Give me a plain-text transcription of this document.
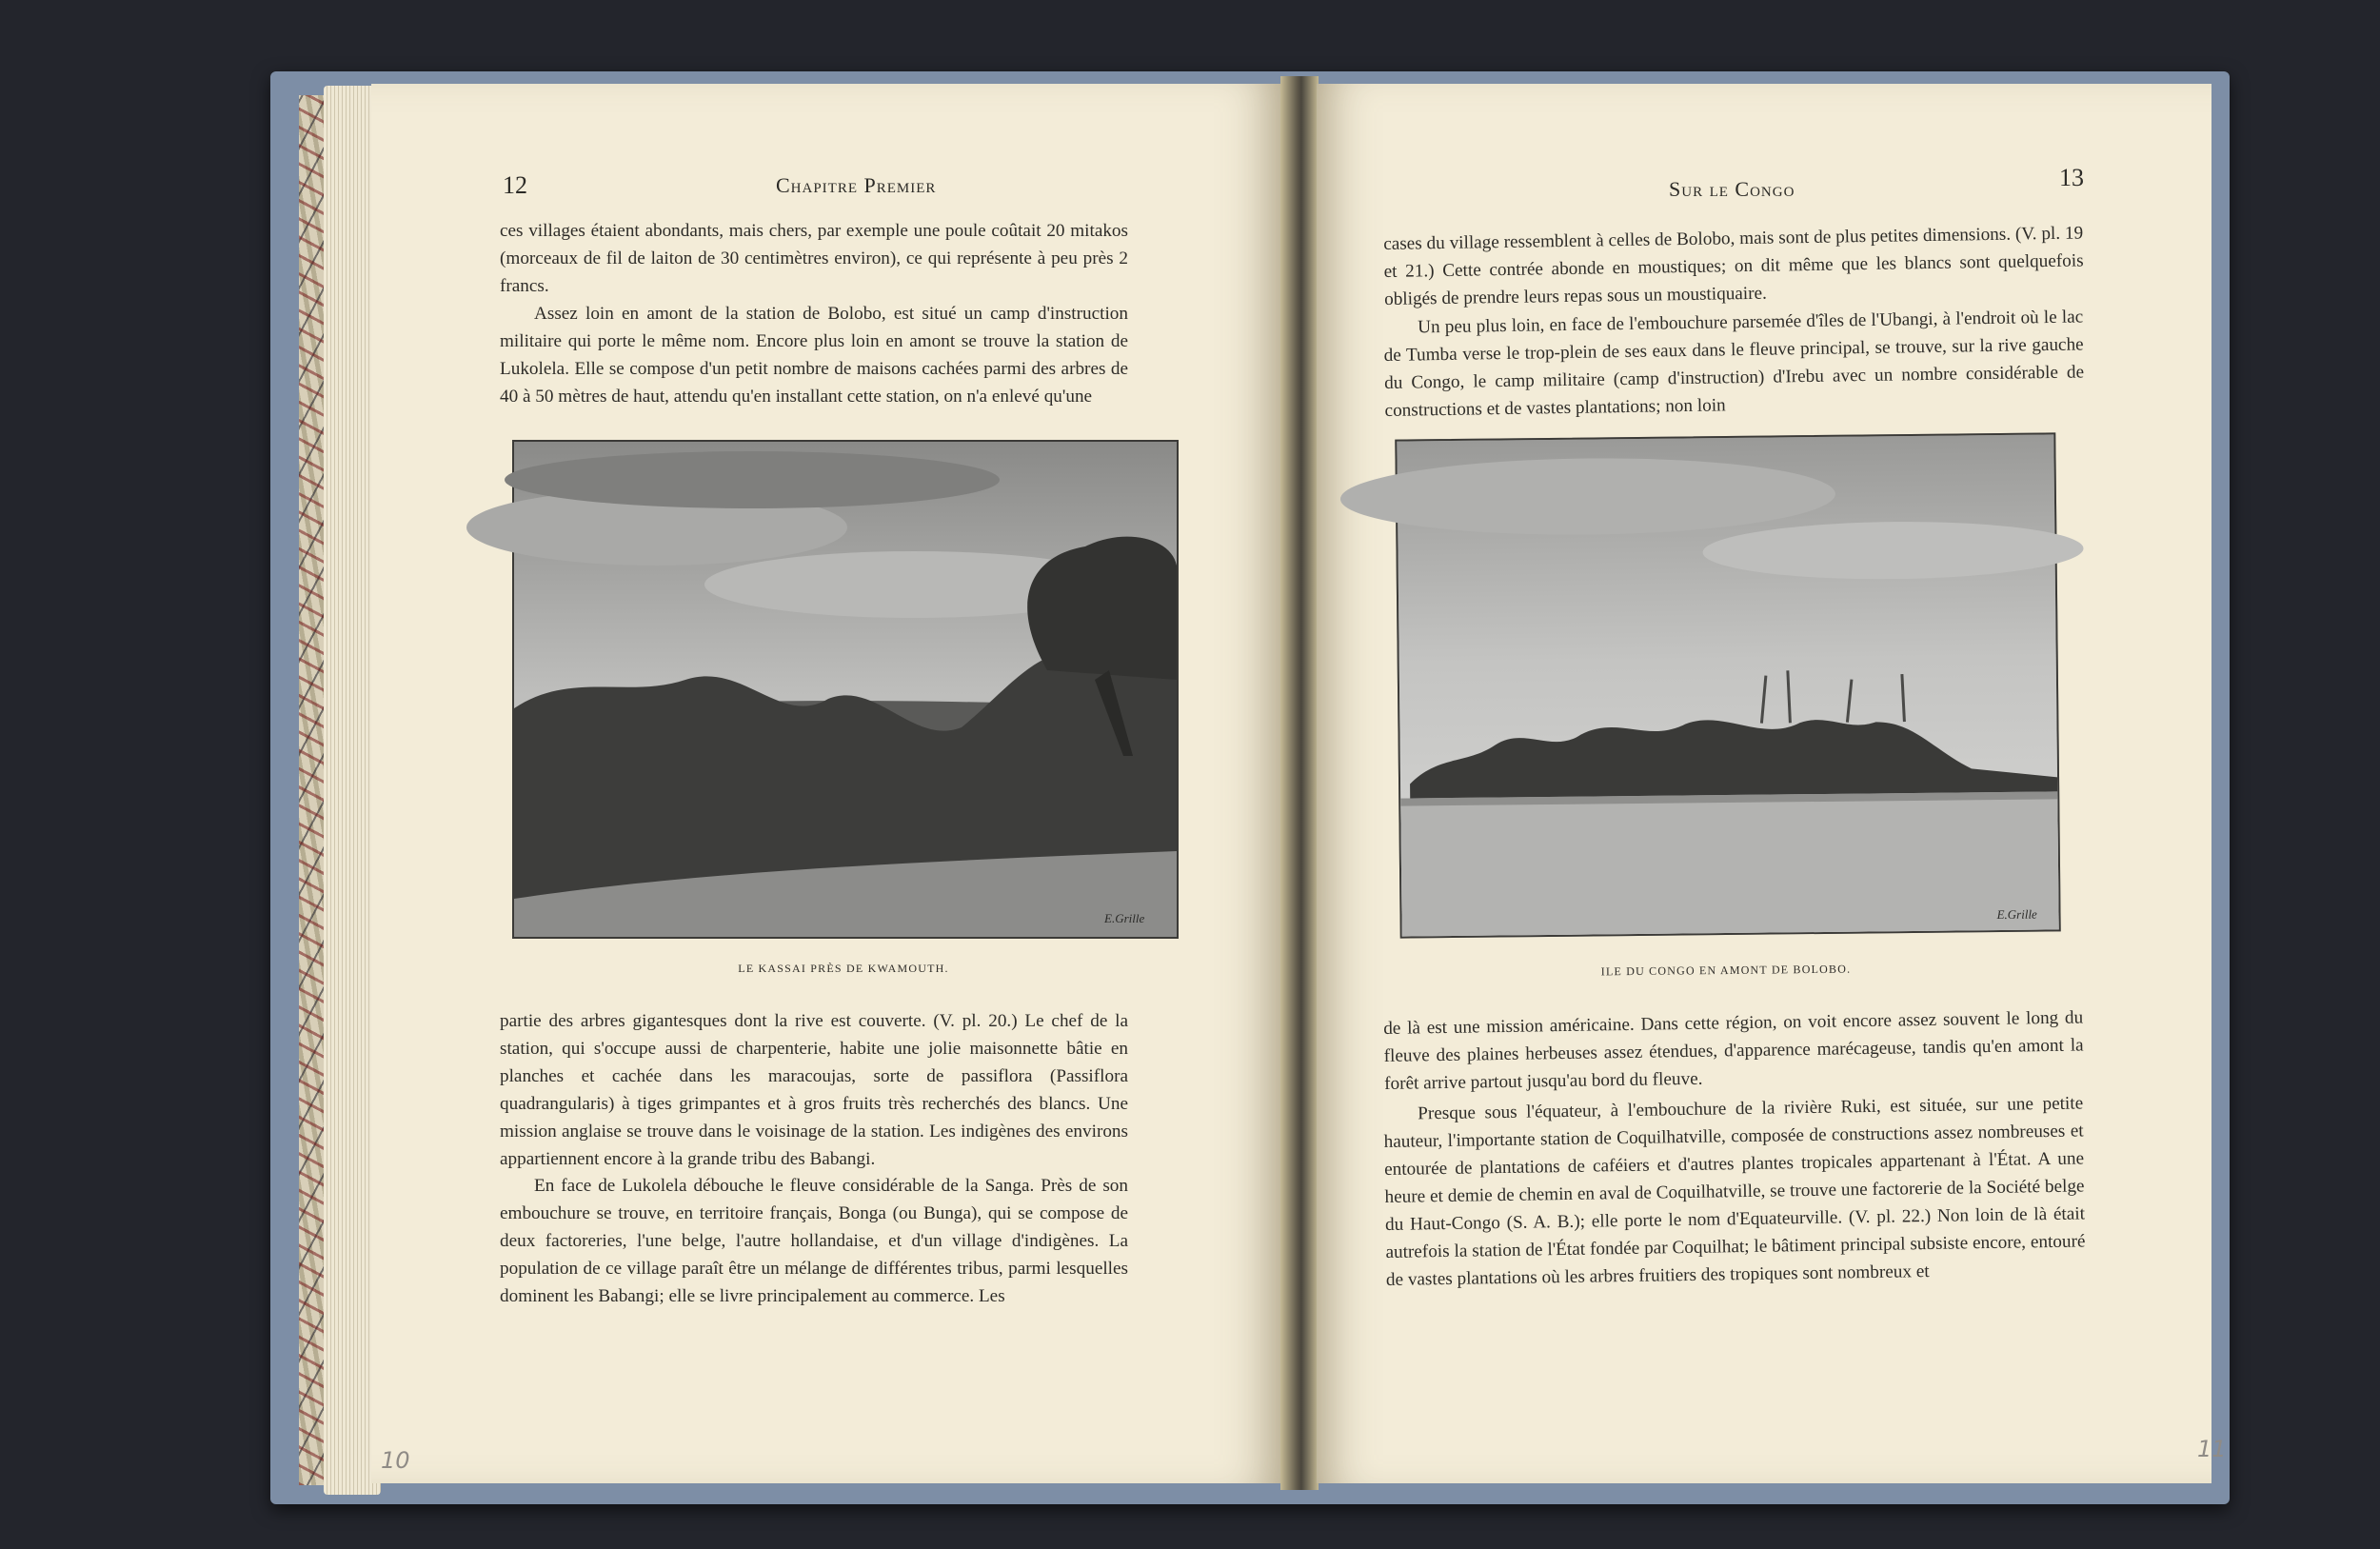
12	Chapitre Premier

ces villages étaient abondants, mais chers, par exemple une poule coûtait 20 mitakos (morceaux de fil de laiton de 30 centimètres environ), ce qui représente à peu près 2 francs.

Assez loin en amont de la station de Bolobo, est situé un camp d'instruction militaire qui porte le même nom. Encore plus loin en amont se trouve la station de Lukolela. Elle se compose d'un petit nombre de maisons cachées parmi des arbres de 40 à 50 mètres de haut, attendu qu'en installant cette station, on n'a enlevé qu'une

E.Grille
LE KASSAI PRÈS DE KWAMOUTH.

partie des arbres gigantesques dont la rive est couverte. (V. pl. 20.) Le chef de la station, qui s'occupe aussi de charpenterie, habite une jolie maisonnette bâtie en planches et cachée dans les maracoujas, sorte de passiflora (Passiflora quadrangularis) à tiges grimpantes et à gros fruits très recherchés des blancs. Une mission anglaise se trouve dans le voisinage de la station. Les indigènes des environs appartiennent encore à la grande tribu des Babangi.

En face de Lukolela débouche le fleuve considérable de la Sanga. Près de son embouchure se trouve, en territoire français, Bonga (ou Bunga), qui se compose de deux factoreries, l'une belge, l'autre hollandaise, et d'un village d'indigènes. La population de ce village paraît être un mélange de différentes tribus, parmi lesquelles dominent les Babangi; elle se livre principalement au commerce. Les

10
Sur le Congo	13

cases du village ressemblent à celles de Bolobo, mais sont de plus petites dimensions. (V. pl. 19 et 21.) Cette contrée abonde en moustiques; on dit même que les blancs sont quelquefois obligés de prendre leurs repas sous un moustiquaire.

Un peu plus loin, en face de l'embouchure parsemée d'îles de l'Ubangi, à l'endroit où le lac de Tumba verse le trop-plein de ses eaux dans le fleuve principal, se trouve, sur la rive gauche du Congo, le camp militaire (camp d'instruction) d'Irebu avec un nombre considérable de constructions et de vastes plantations; non loin

E.Grille
ILE DU CONGO EN AMONT DE BOLOBO.

de là est une mission américaine. Dans cette région, on voit encore assez souvent le long du fleuve des plaines herbeuses assez étendues, d'apparence marécageuse, tandis qu'en amont la forêt arrive partout jusqu'au bord du fleuve.

Presque sous l'équateur, à l'embouchure de la rivière Ruki, est située, sur une petite hauteur, l'importante station de Coquilhatville, composée de constructions assez nombreuses et entourée de plantations de caféiers et d'autres plantes tropicales appartenant à l'État. A une heure et demie de chemin en aval de Coquilhatville, se trouve une factorerie de la Société belge du Haut-Congo (S. A. B.); elle porte le nom d'Equateurville. (V. pl. 22.) Non loin de là était autrefois la station de l'État fondée par Coquilhat; le bâtiment principal subsiste encore, entouré de vastes plantations où les arbres fruitiers des tropiques sont nombreux et

11
